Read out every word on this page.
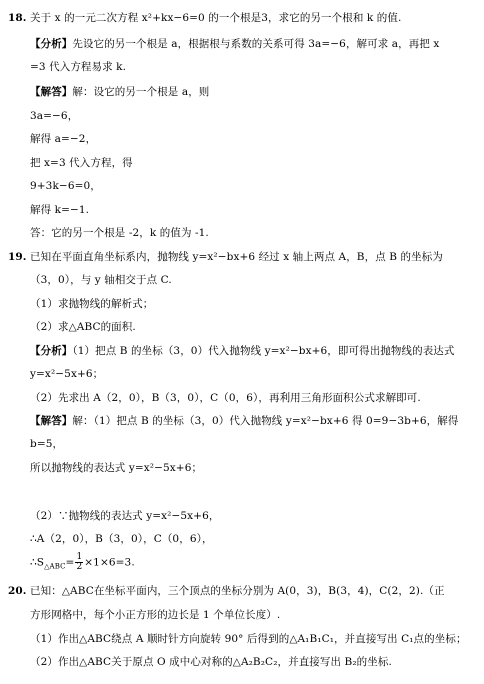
18. 关于 x 的一元二次方程 x²+kx−6=0 的一个根是3，求它的另一个根和 k 的值.
【分析】先设它的另一个根是 a，根据根与系数的关系可得 3a=−6，解可求 a，再把 x
=3 代入方程易求 k.
【解答】解：设它的另一个根是 a，则
3a=−6，
解得 a=−2，
把 x=3 代入方程，得
9+3k−6=0，
解得 k=−1.
答：它的另一个根是 -2，k 的值为 -1.
19. 已知在平面直角坐标系内，抛物线 y=x²−bx+6 经过 x 轴上两点 A，B，点 B 的坐标为
（3，0），与 y 轴相交于点 C.
（1）求抛物线的解析式；
（2）求△ABC的面积.
【分析】（1）把点 B 的坐标（3，0）代入抛物线 y=x²−bx+6，即可得出抛物线的表达式
y=x²−5x+6；
（2）先求出 A（2，0），B（3，0），C（0，6），再利用三角形面积公式求解即可.
【解答】解：（1）把点 B 的坐标（3，0）代入抛物线 y=x²−bx+6 得 0=9−3b+6，解得
b=5，
所以抛物线的表达式 y=x²−5x+6；
（2）∵抛物线的表达式 y=x²−5x+6，
∴A（2，0），B（3，0），C（0，6），
$\therefore S_{\triangle ABC}= \frac{1}{2} \times 1\times 6=3$.
20. 已知：△ABC在坐标平面内，三个顶点的坐标分别为 A(0，3)，B(3，4)，C(2，2).（正
方形网格中，每个小正方形的边长是 1 个单位长度）.
（1）作出△ABC绕点 A 顺时针方向旋转 90° 后得到的△A₁B₁C₁，并直接写出 C₁点的坐标；
（2）作出△ABC关于原点 O 成中心对称的△A₂B₂C₂，并直接写出 B₂的坐标.
